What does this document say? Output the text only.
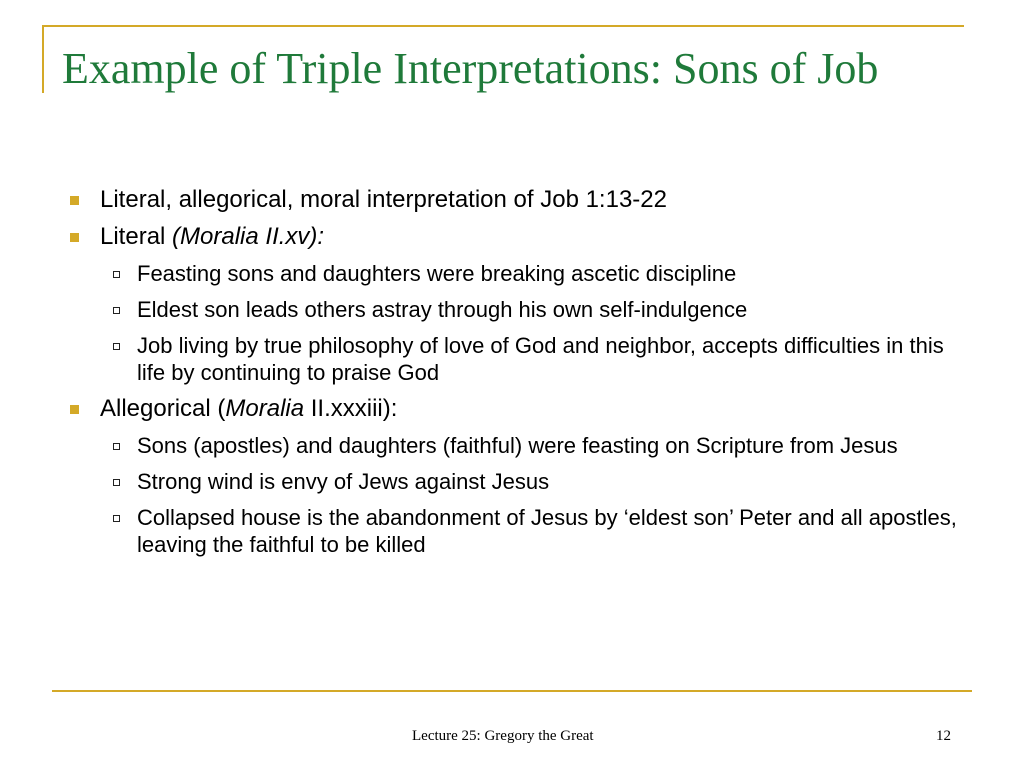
Example of Triple Interpretations: Sons of Job
Literal, allegorical, moral interpretation of Job 1:13-22
Literal (Moralia II.xv):
Feasting sons and daughters were breaking ascetic discipline
Eldest son leads others astray through his own self-indulgence
Job living by true philosophy of love of God and neighbor, accepts difficulties in this life by continuing to praise God
Allegorical (Moralia II.xxxiii):
Sons (apostles) and daughters (faithful) were feasting on Scripture from Jesus
Strong wind is envy of Jews against Jesus
Collapsed house is the abandonment of Jesus by ‘eldest son’ Peter and all apostles, leaving the faithful to be killed
Lecture 25: Gregory the Great	12
